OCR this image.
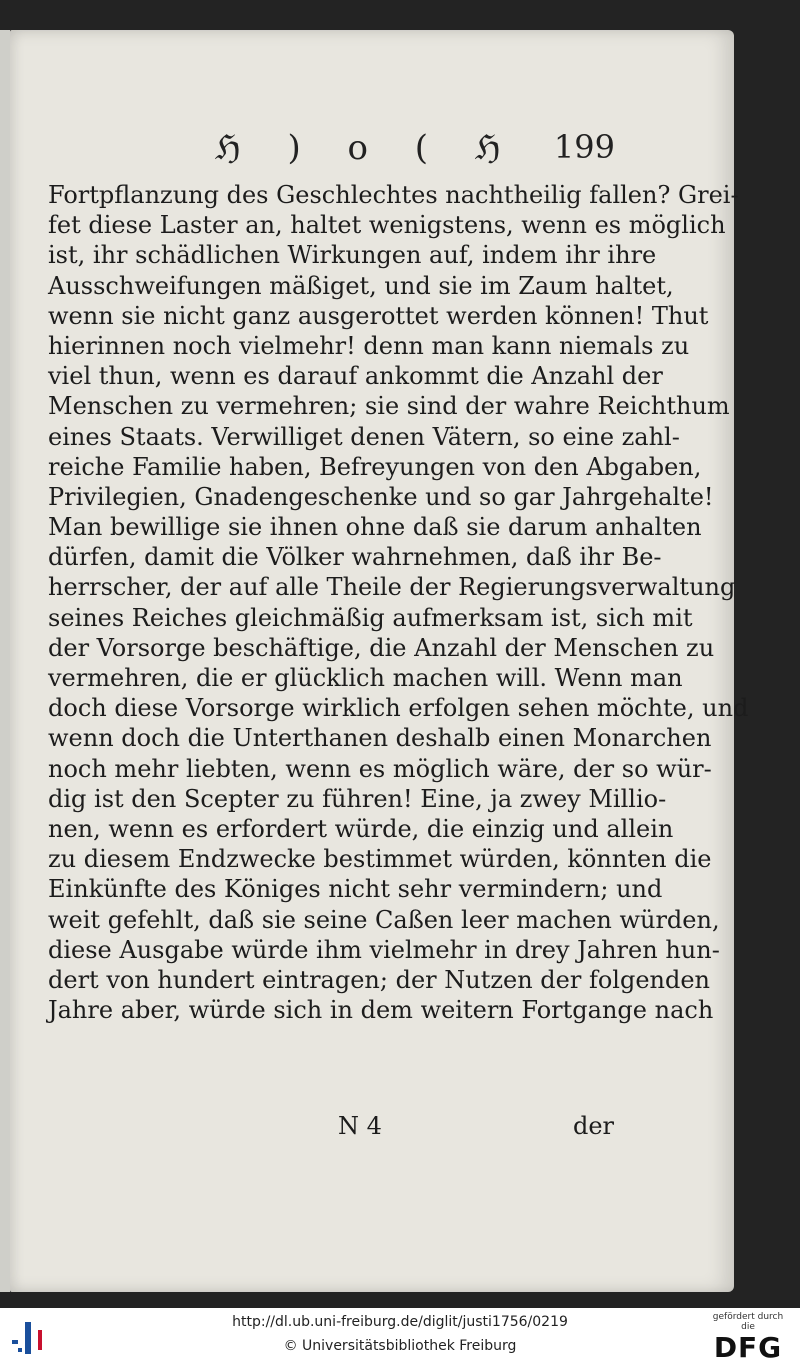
ℌ ) o ( ℌ 199
Fortpflanzung des Geschlechtes nachtheilig fallen? Grei-
fet diese Laster an, haltet wenigstens, wenn es möglich
ist, ihr schädlichen Wirkungen auf, indem ihr ihre
Ausschweifungen mäßiget, und sie im Zaum haltet,
wenn sie nicht ganz ausgerottet werden können! Thut
hierinnen noch vielmehr! denn man kann niemals zu
viel thun, wenn es darauf ankommt die Anzahl der
Menschen zu vermehren; sie sind der wahre Reichthum
eines Staats. Verwilliget denen Vätern, so eine zahl-
reiche Familie haben, Befreyungen von den Abgaben,
Privilegien, Gnadengeschenke und so gar Jahrgehalte!
Man bewillige sie ihnen ohne daß sie darum anhalten
dürfen, damit die Völker wahrnehmen, daß ihr Be-
herrscher, der auf alle Theile der Regierungsverwaltung
seines Reiches gleichmäßig aufmerksam ist, sich mit
der Vorsorge beschäftige, die Anzahl der Menschen zu
vermehren, die er glücklich machen will. Wenn man
doch diese Vorsorge wirklich erfolgen sehen möchte, und
wenn doch die Unterthanen deshalb einen Monarchen
noch mehr liebten, wenn es möglich wäre, der so wür-
dig ist den Scepter zu führen! Eine, ja zwey Millio-
nen, wenn es erfordert würde, die einzig und allein
zu diesem Endzwecke bestimmet würden, könnten die
Einkünfte des Königes nicht sehr vermindern; und
weit gefehlt, daß sie seine Caßen leer machen würden,
diese Ausgabe würde ihm vielmehr in drey Jahren hun-
dert von hundert eintragen; der Nutzen der folgenden
Jahre aber, würde sich in dem weitern Fortgange nach
N 4	der
http://dl.ub.uni-freiburg.de/diglit/justi1756/0219
© Universitätsbibliothek Freiburg
gefördert durch die
DFG
